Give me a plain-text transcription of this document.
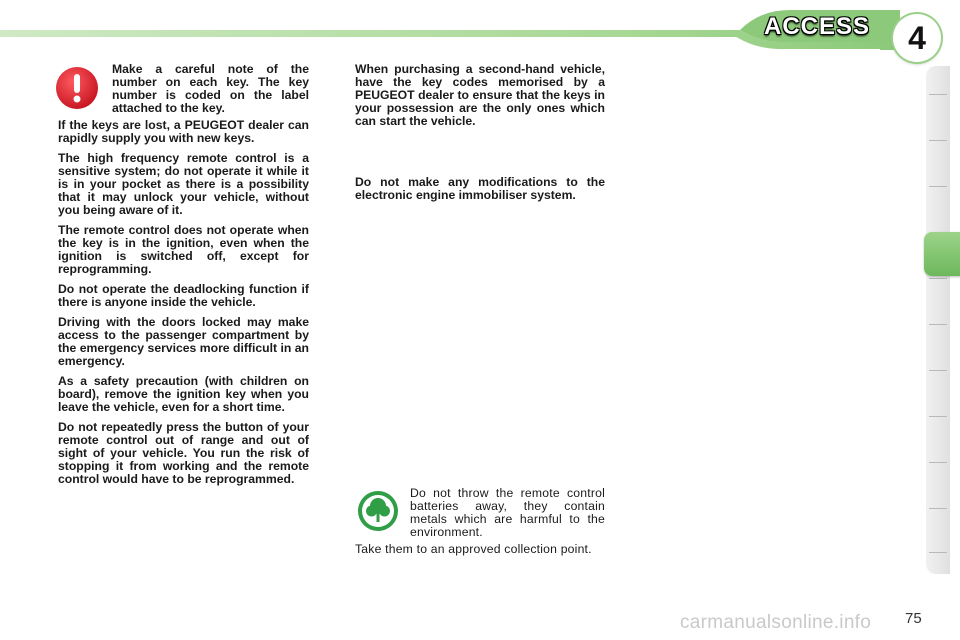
ACCESS	4

Make a careful note of the number on each key. The key number is coded on the label attached to the key.

If the keys are lost, a PEUGEOT dealer can rapidly supply you with new keys.

The high frequency remote control is a sensitive system; do not operate it while it is in your pocket as there is a possibility that it may unlock your vehicle, without you being aware of it.

The remote control does not operate when the key is in the ignition, even when the ignition is switched off, except for reprogramming.

Do not operate the deadlocking function if there is anyone inside the vehicle.

Driving with the doors locked may make access to the passenger compartment by the emergency services more difficult in an emergency.

As a safety precaution (with children on board), remove the ignition key when you leave the vehicle, even for a short time.

Do not repeatedly press the button of your remote control out of range and out of sight of your vehicle. You run the risk of stopping it from working and the remote control would have to be reprogrammed.

When purchasing a second-hand vehicle, have the key codes memorised by a PEUGEOT dealer to ensure that the keys in your possession are the only ones which can start the vehicle.

Do not make any modifications to the electronic engine immobiliser system.

Do not throw the remote control batteries away, they contain metals which are harmful to the environment.

Take them to an approved collection point.

carmanualsonline.info 75
